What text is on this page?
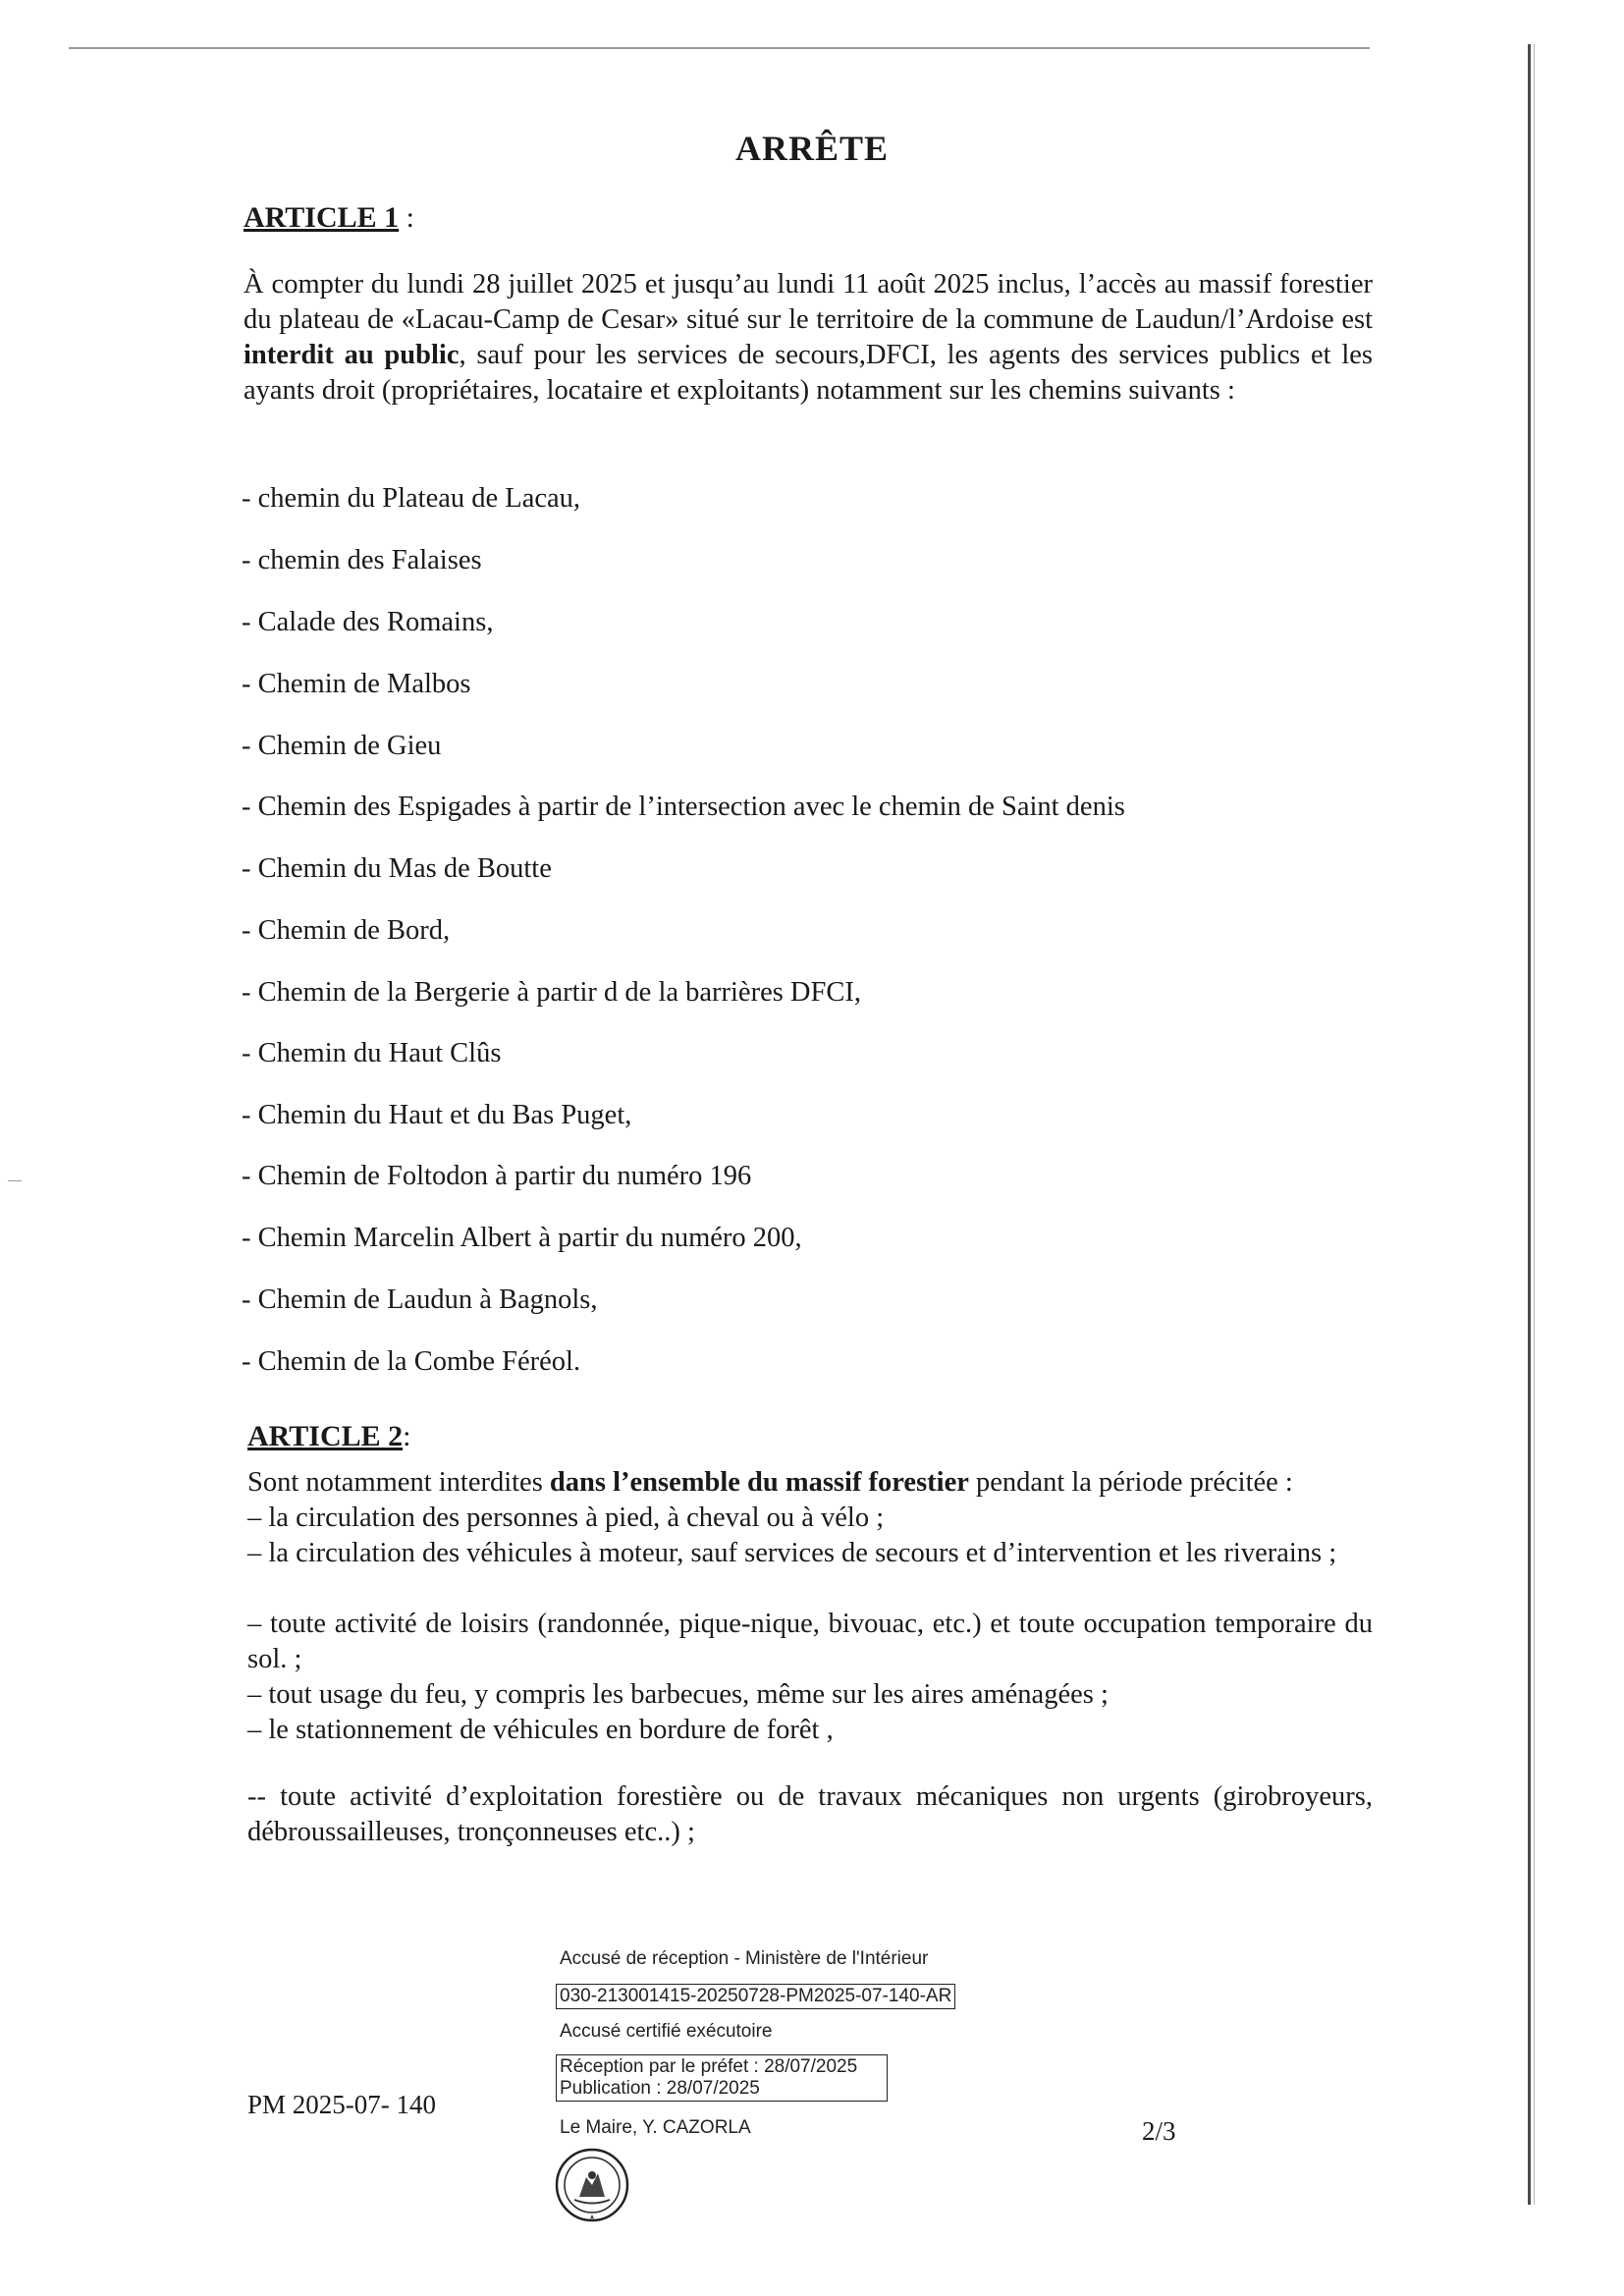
ARRÊTE
ARTICLE 1 :
À compter du lundi 28 juillet 2025 et jusqu’au lundi 11 août 2025 inclus, l’accès au massif forestier du plateau de «Lacau-Camp de Cesar» situé sur le territoire de la commune de Laudun/l’Ardoise est interdit au public, sauf pour les services de secours,DFCI, les agents des services publics et les ayants droit (propriétaires, locataire et exploitants) notamment sur les chemins suivants :
- chemin du Plateau de Lacau,
- chemin des Falaises
- Calade des Romains,
- Chemin de Malbos
- Chemin de Gieu
- Chemin des Espigades à partir de l’intersection avec le chemin de Saint denis
- Chemin du Mas de Boutte
- Chemin de Bord,
- Chemin de la Bergerie à partir d de la barrières DFCI,
- Chemin du Haut Clûs
- Chemin du Haut et du Bas Puget,
- Chemin de Foltodon à partir du numéro 196
- Chemin Marcelin Albert à partir du numéro 200,
- Chemin de Laudun à Bagnols,
- Chemin de la Combe Féréol.
ARTICLE 2:
Sont notamment interdites dans l’ensemble du massif forestier pendant la période précitée :
– la circulation des personnes à pied, à cheval ou à vélo ;
– la circulation des véhicules à moteur, sauf services de secours et d’intervention et les riverains ;
– toute activité de loisirs (randonnée, pique-nique, bivouac, etc.) et toute occupation temporaire du sol. ;
– tout usage du feu, y compris les barbecues, même sur les aires aménagées ;
– le stationnement de véhicules en bordure de forêt ,
-- toute activité d’exploitation forestière ou de travaux mécaniques non urgents (girobroyeurs, débroussailleuses, tronçonneuses etc..) ;
Accusé de réception - Ministère de l'Intérieur
030-213001415-20250728-PM2025-07-140-AR
Accusé certifié exécutoire
Réception par le préfet : 28/07/2025
Publication : 28/07/2025
Le Maire, Y. CAZORLA
PM 2025-07- 140
2/3
